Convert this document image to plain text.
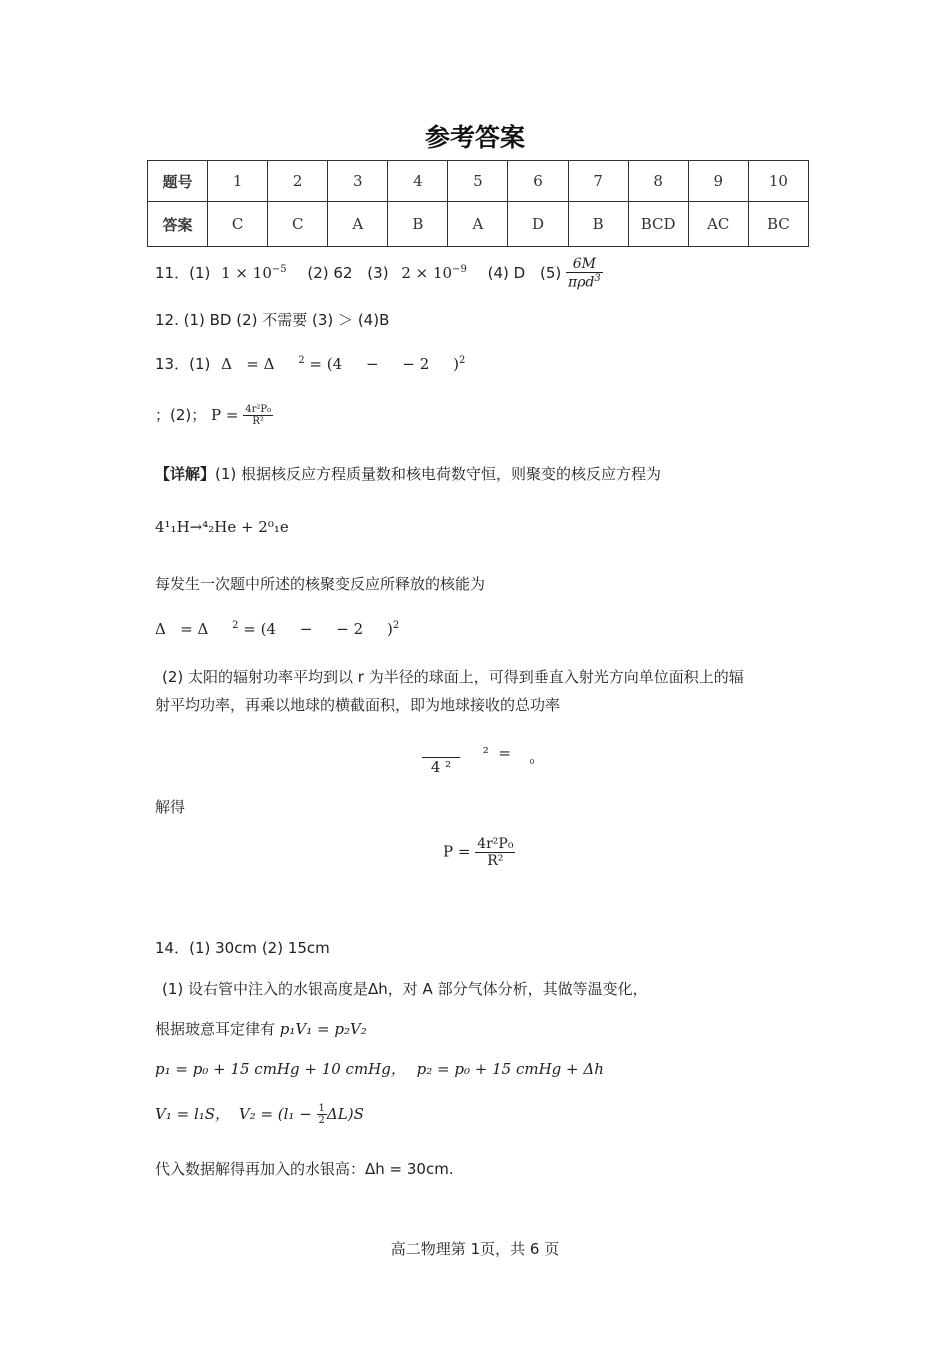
参考答案
题号	1	2	3	4	5	6	7	8	9	10
答案	C	C	A	B	A	D	B	BCD	AC	BC
11．(1) $1 \times 10^{-5}$ (2) 62 (3) $2 \times 10^{-9}$ (4) D $(5) \frac{6M}{\pi\rho d^3}$
12. (1) BD (2) 不需要 (3) ＞ (4)B
13．(1) Δ   = Δ     $^2$ = (4     −     − 2     )$^2$
；(2)； $P = \frac{\text{4r²P₀}}{\text{R²}}$
【详解】(1) 根据核反应方程质量数和核电荷数守恒，则聚变的核反应方程为
4¹₁H→⁴₂He + 2⁰₁e
每发生一次题中所述的核聚变反应所释放的核能为
Δ   = Δ     $^2$ = (4     −     − 2     )$^2$
(2) 太阳的辐射功率平均到以 r 为半径的球面上，可得到垂直入射光方向单位面积上的辐
射平均功率，再乘以地球的横截面积，即为地球接收的总功率
4 ²
²  = ₀
解得
$P = \frac{\text{4r²P₀}}{\text{R²}}$
14．(1) 30cm (2) 15cm
(1) 设右管中注入的水银高度是Δh，对 A 部分气体分析，其做等温变化，
根据玻意耳定律有 p₁V₁ = p₂V₂
p₁ = p₀ + 15 cmHg + 10 cmHg， p₂ = p₀ + 15 cmHg + Δh
V₁ = l₁S， $V_2 = (l_1 - \frac{1}{2} \Delta L)S$
代入数据解得再加入的水银高：Δh = 30cm.
高二物理第 1页，共 6 页
